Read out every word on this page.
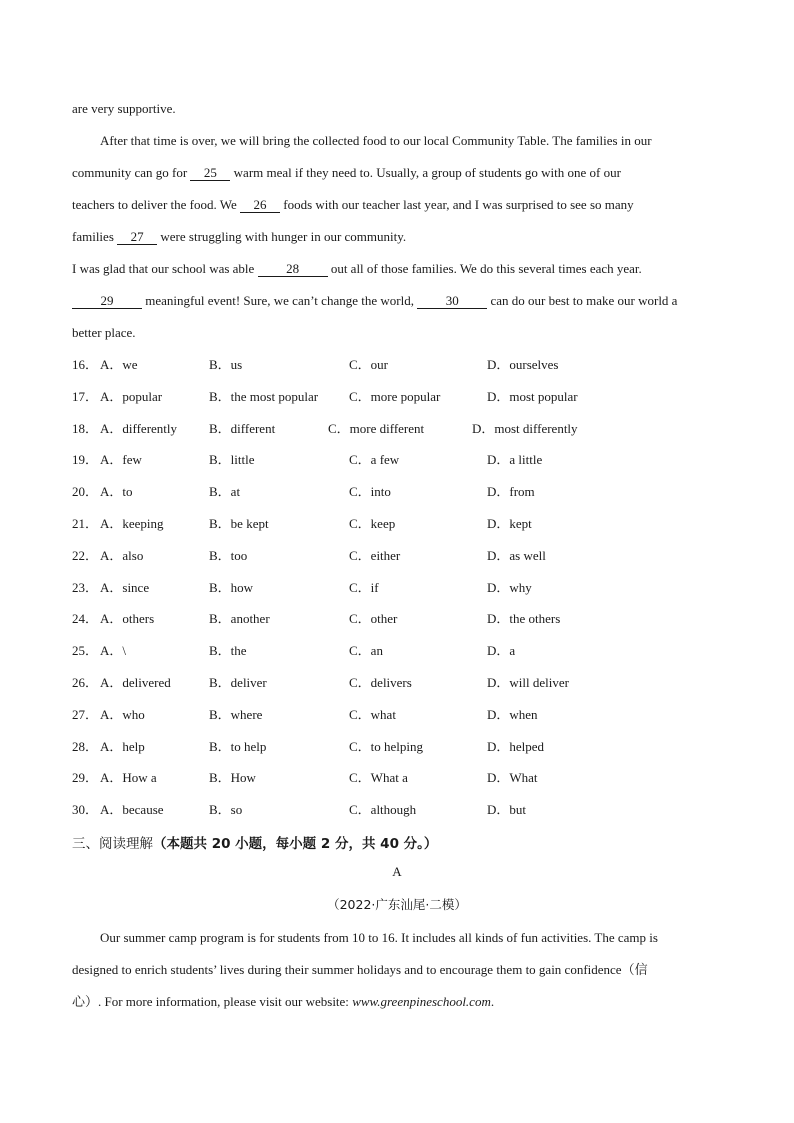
are very supportive.
After that time is over, we will bring the collected food to our local Community Table. The families in our
community can go for 25 warm meal if they need to. Usually, a group of students go with one of our
teachers to deliver the food. We 26 foods with our teacher last year, and I was surprised to see so many
families 27 were struggling with hunger in our community.
I was glad that our school was able 28 out all of those families. We do this several times each year.
29 meaningful event! Sure, we can’t change the world, 30 can do our best to make our world a
better place.
16． A．we	B．us	C．our	D．ourselves
17． A．popular	B．the most popular C．more popular	D．most popular
18． A．differently B．different	C．more different	D．most differently
19． A．few	B．little	C．a few	D．a little
20． A．to	B．at	C．into	D．from
21． A．keeping	B．be kept	C．keep	D．kept
22． A．also	B．too	C．either	D．as well
23． A．since	B．how	C．if	D．why
24． A．others	B．another	C．other	D．the others
25． A．\	B．the	C．an	D．a
26． A．delivered	B．deliver	C．delivers	D．will deliver
27． A．who	B．where	C．what	D．when
28． A．help	B．to help	C．to helping	D．helped
29． A．How a	B．How	C．What a	D．What
30． A．because	B．so	C．although	D．but
三、阅读理解（本题共 20 小题，每小题 2 分，共 40 分。）
A
（2022·广东汕尾·二模）
Our summer camp program is for students from 10 to 16. It includes all kinds of fun activities. The camp is
designed to enrich students’ lives during their summer holidays and to encourage them to gain confidence（信
心）. For more information, please visit our website: www.greenpineschool.com.
